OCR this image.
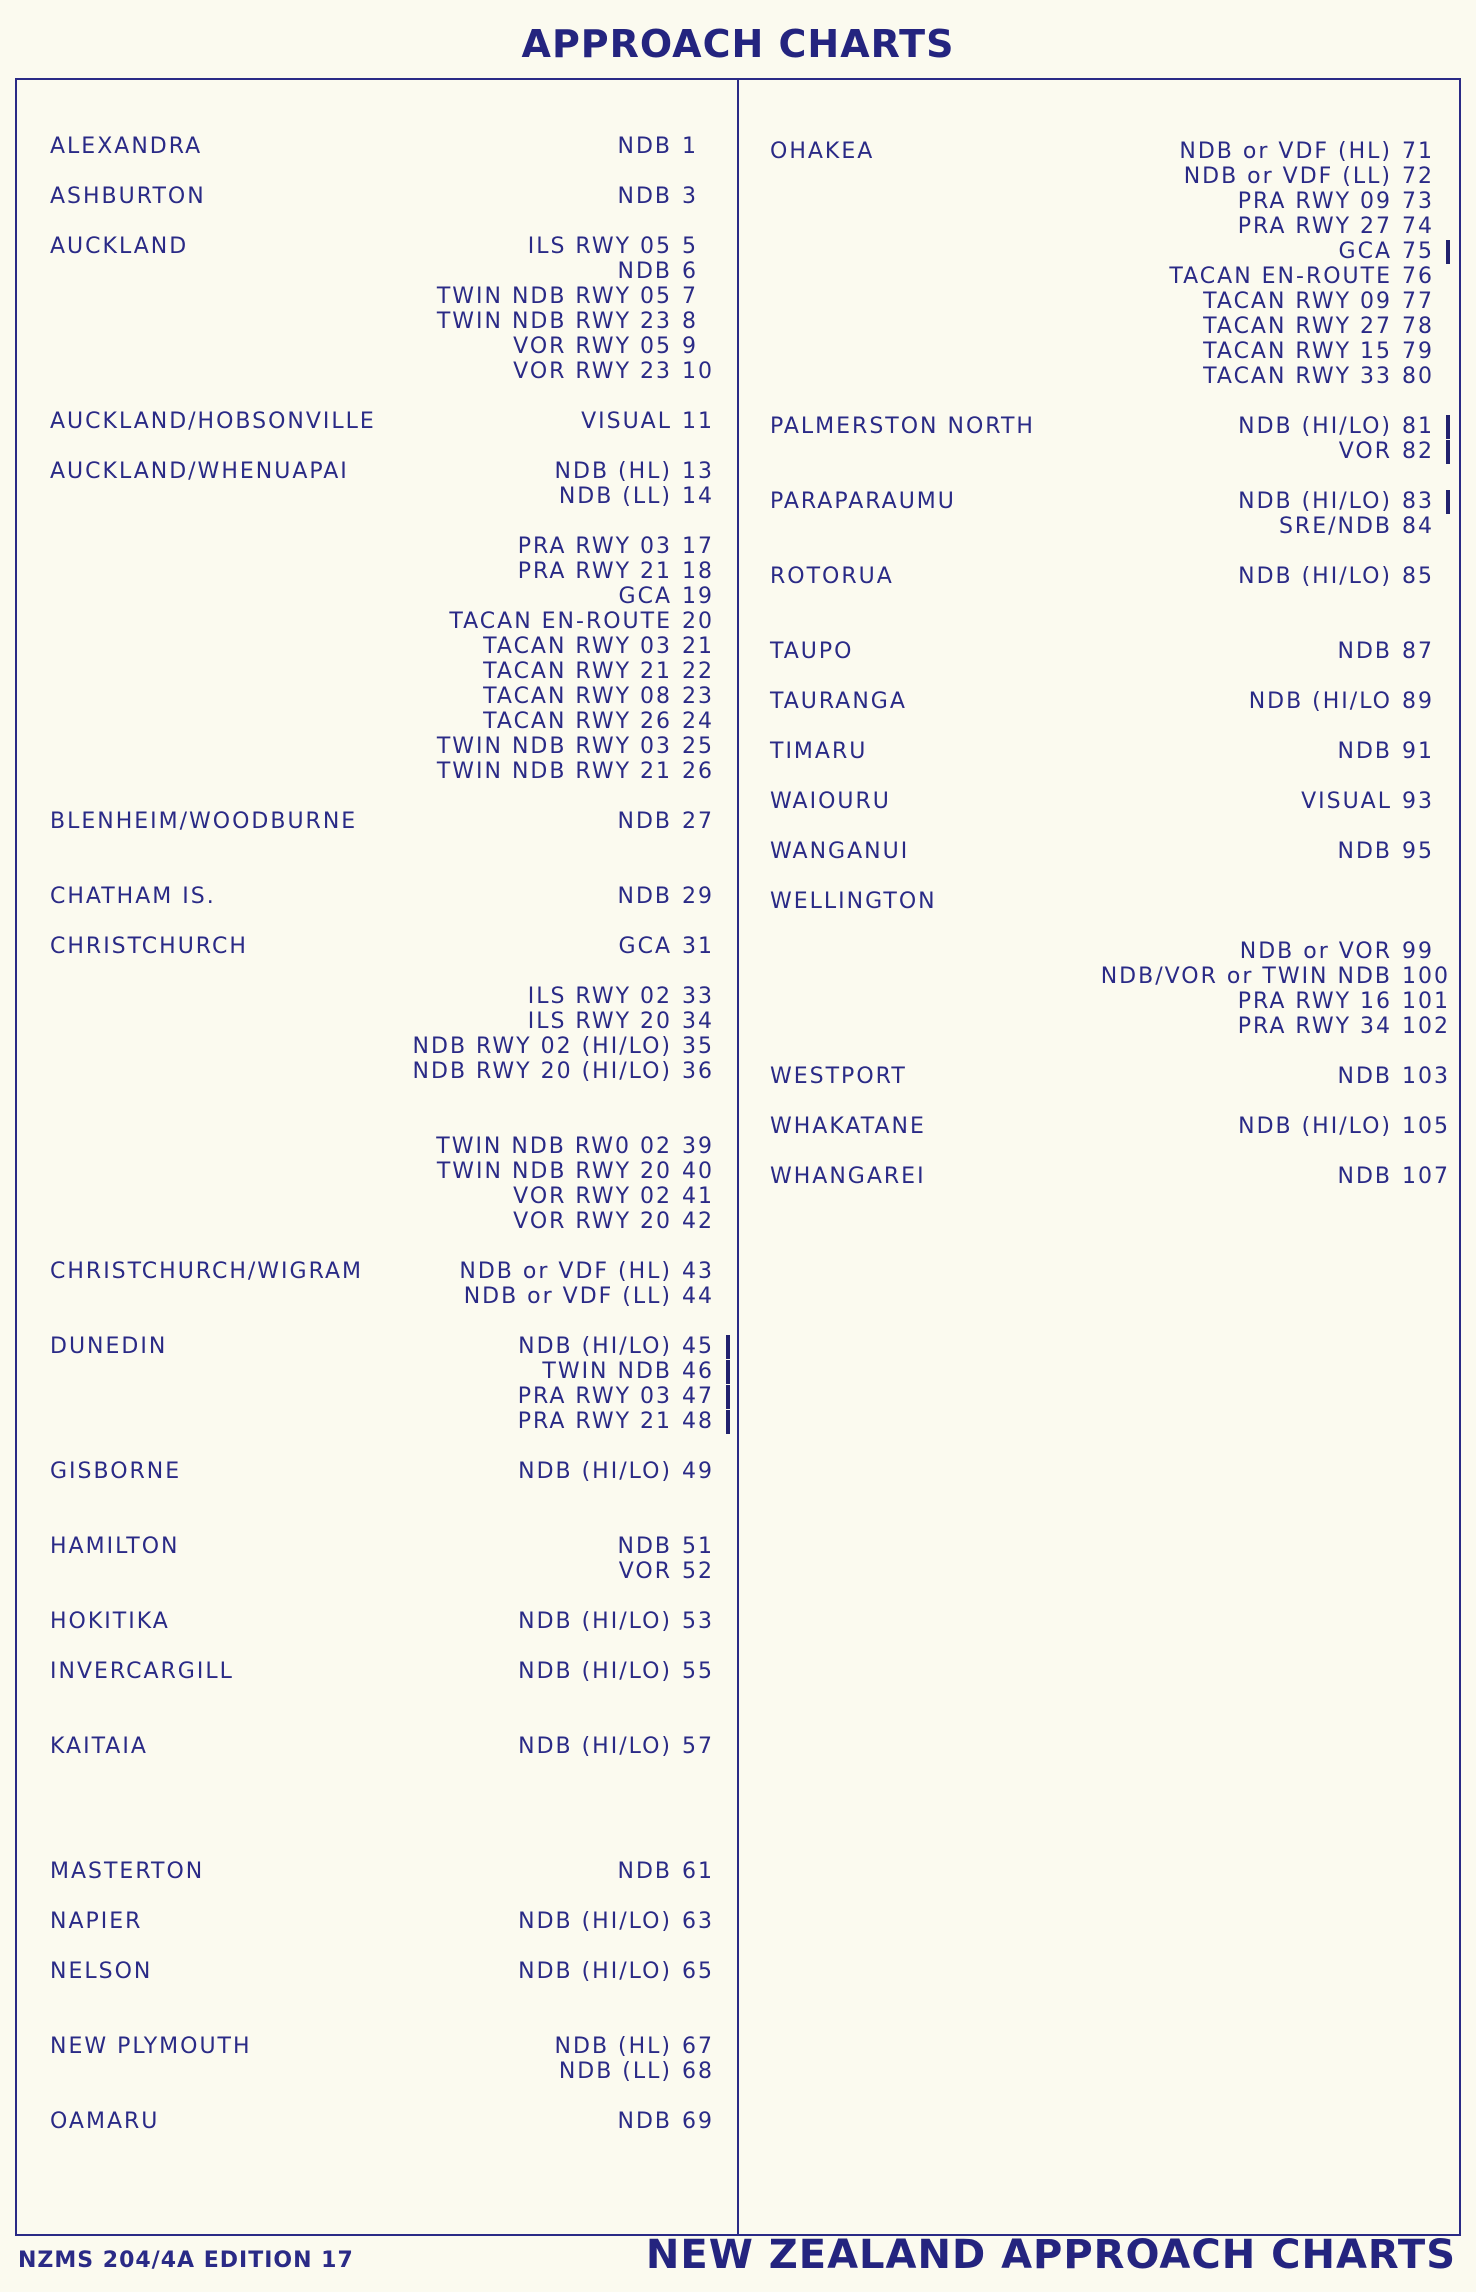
APPROACH CHARTS
ALEXANDRA	NDB 1
ASHBURTON	NDB 3
AUCKLAND	ILS RWY 05 5
NDB 6
TWIN NDB RWY 05 7
TWIN NDB RWY 23 8
VOR RWY 05 9
VOR RWY 23 10
AUCKLAND/HOBSONVILLE	VISUAL 11
AUCKLAND/WHENUAPAI	NDB (HL) 13
NDB (LL) 14
PRA RWY 03 17
PRA RWY 21 18
GCA 19
TACAN EN-ROUTE 20
TACAN RWY 03 21
TACAN RWY 21 22
TACAN RWY 08 23
TACAN RWY 26 24
TWIN NDB RWY 03 25
TWIN NDB RWY 21 26
BLENHEIM/WOODBURNE	NDB 27
CHATHAM IS.	NDB 29
CHRISTCHURCH	GCA 31
ILS RWY 02 33
ILS RWY 20 34
NDB RWY 02 (HI/LO) 35
NDB RWY 20 (HI/LO) 36
TWIN NDB RW0 02 39
TWIN NDB RWY 20 40
VOR RWY 02 41
VOR RWY 20 42
CHRISTCHURCH/WIGRAM	NDB or VDF (HL) 43
NDB or VDF (LL) 44
DUNEDIN	NDB (HI/LO) 45
TWIN NDB 46
PRA RWY 03 47
PRA RWY 21 48
GISBORNE	NDB (HI/LO) 49
HAMILTON	NDB 51
VOR 52
HOKITIKA	NDB (HI/LO) 53
INVERCARGILL	NDB (HI/LO) 55
KAITAIA	NDB (HI/LO) 57
MASTERTON	NDB 61
NAPIER	NDB (HI/LO) 63
NELSON	NDB (HI/LO) 65
NEW PLYMOUTH	NDB (HL) 67
NDB (LL) 68
OAMARU	NDB 69
OHAKEA	NDB or VDF (HL) 71
NDB or VDF (LL) 72
PRA RWY 09 73
PRA RWY 27 74
GCA 75
TACAN EN-ROUTE 76
TACAN RWY 09 77
TACAN RWY 27 78
TACAN RWY 15 79
TACAN RWY 33 80
PALMERSTON NORTH	NDB (HI/LO) 81
VOR 82
PARAPARAUMU	NDB (HI/LO) 83
SRE/NDB 84
ROTORUA	NDB (HI/LO) 85
TAUPO	NDB 87
TAURANGA	NDB (HI/LO 89
TIMARU	NDB 91
WAIOURU	VISUAL 93
WANGANUI	NDB 95
WELLINGTON
NDB or VOR 99
NDB/VOR or TWIN NDB 100
PRA RWY 16 101
PRA RWY 34 102
WESTPORT	NDB 103
WHAKATANE	NDB (HI/LO) 105
WHANGAREI	NDB 107
NZMS 204/4A EDITION 17	NEW ZEALAND APPROACH CHARTS
